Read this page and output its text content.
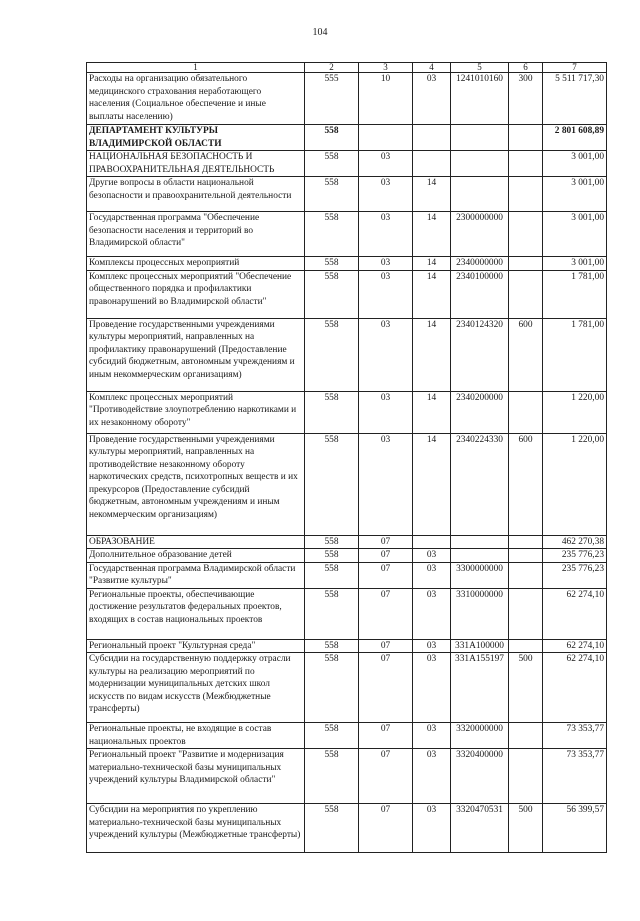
104
1	2	3	4	5	6	7
Расходы на организацию обязательного медицинского страхования неработающего населения (Социальное обеспечение и иные выплаты населению)	555	10	03	1241010160	300	5 511 717,30
ДЕПАРТАМЕНТ КУЛЬТУРЫ ВЛАДИМИРСКОЙ ОБЛАСТИ	558					2 801 608,89
НАЦИОНАЛЬНАЯ БЕЗОПАСНОСТЬ И ПРАВООХРАНИТЕЛЬНАЯ ДЕЯТЕЛЬНОСТЬ	558	03				3 001,00
Другие вопросы в области национальной безопасности и правоохранительной деятельности	558	03	14			3 001,00
Государственная программа "Обеспечение безопасности населения и территорий во Владимирской области"	558	03	14	2300000000		3 001,00
Комплексы процессных мероприятий	558	03	14	2340000000		3 001,00
Комплекс процессных мероприятий "Обеспечение общественного порядка и профилактики правонарушений во Владимирской области"	558	03	14	2340100000		1 781,00
Проведение государственными учреждениями культуры мероприятий, направленных на профилактику правонарушений (Предоставление субсидий бюджетным, автономным учреждениям и иным некоммерческим организациям)	558	03	14	2340124320	600	1 781,00
Комплекс процессных мероприятий "Противодействие злоупотреблению наркотиками и их незаконному обороту"	558	03	14	2340200000		1 220,00
Проведение государственными учреждениями культуры мероприятий, направленных на противодействие незаконному обороту наркотических средств, психотропных веществ и их прекурсоров (Предоставление субсидий бюджетным, автономным учреждениям и иным некоммерческим организациям)	558	03	14	2340224330	600	1 220,00
ОБРАЗОВАНИЕ	558	07				462 270,38
Дополнительное образование детей	558	07	03			235 776,23
Государственная программа Владимирской области "Развитие культуры"	558	07	03	3300000000		235 776,23
Региональные проекты, обеспечивающие достижение результатов федеральных проектов, входящих в состав национальных проектов	558	07	03	3310000000		62 274,10
Региональный проект "Культурная среда"	558	07	03	331A100000		62 274,10
Субсидии на государственную поддержку отрасли культуры на реализацию мероприятий по модернизации муниципальных детских школ искусств по видам искусств (Межбюджетные трансферты)	558	07	03	331A155197	500	62 274,10
Региональные проекты, не входящие в состав национальных проектов	558	07	03	3320000000		73 353,77
Региональный проект "Развитие и модернизация материально-технической базы муниципальных учреждений культуры Владимирской области"	558	07	03	3320400000		73 353,77
Субсидии на мероприятия по укреплению материально-технической базы муниципальных учреждений культуры (Межбюджетные трансферты)	558	07	03	3320470531	500	56 399,57
